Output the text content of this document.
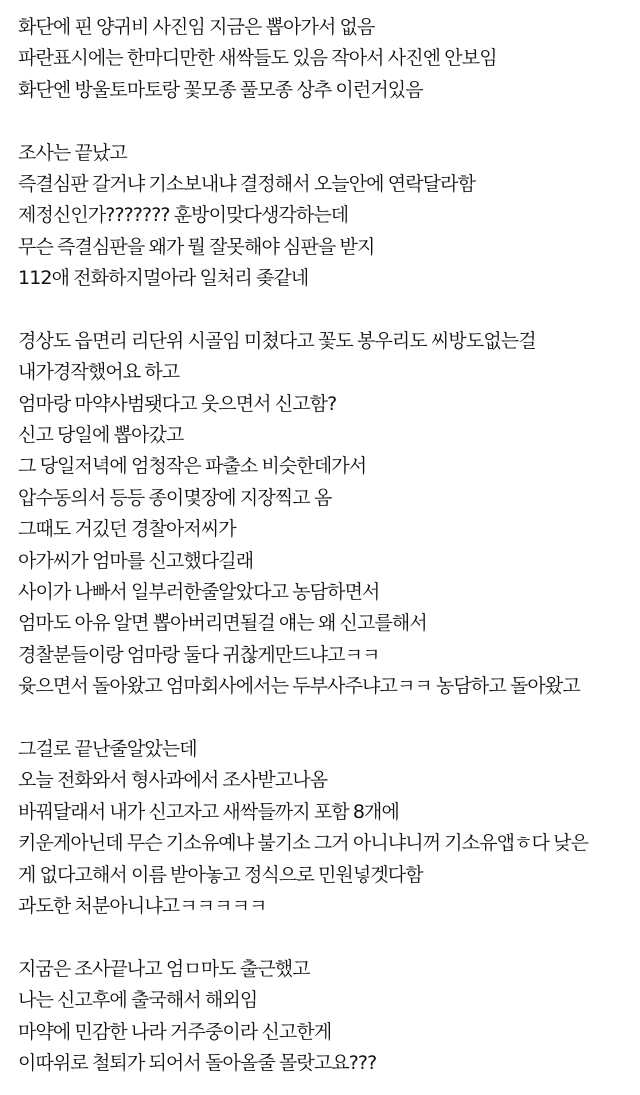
화단에 핀 양귀비 사진임 지금은 뽑아가서 없음
파란표시에는 한마디만한 새싹들도 있음 작아서 사진엔 안보임
화단엔 방울토마토랑 꽃모종 풀모종 상추 이런거있음
조사는 끝났고
즉결심판 갈거냐 기소보내냐 결정해서 오늘안에 연락달라함
제정신인가??????? 훈방이맞다생각하는데
무슨 즉결심판을 왜가 뭘 잘못해야 심판을 받지
112애 전화하지멀아라 일처리 좆같네
경상도 읍면리 리단위 시골임 미쳤다고 꽃도 봉우리도 씨방도없는걸
내가경작했어요 하고
엄마랑 마약사범됏다고 웃으면서 신고함?
신고 당일에 뽑아갔고
그 당일저녁에 엄청작은 파출소 비슷한데가서
압수동의서 등등 종이몇장에 지장찍고 옴
그때도 거깄던 경찰아저씨가
아가씨가 엄마를 신고했다길래
사이가 나빠서 일부러한줄알았다고 농담하면서
엄마도 아유 알면 뽑아버리면될걸 얘는 왜 신고를해서
경찰분들이랑 엄마랑 둘다 귀찮게만드냐고ㅋㅋ
윳으면서 돌아왔고 엄마회사에서는 두부사주냐고ㅋㅋ 농담하고 돌아왔고
그걸로 끝난줄알았는데
오늘 전화와서 형사과에서 조사받고나옴
바꿔달래서 내가 신고자고 새싹들까지 포함 8개에
키운게아닌데 무슨 기소유예냐 불기소 그거 아니냐니꺼 기소유앱ㅎ다 낮은
게 없다고해서 이름 받아놓고 정식으로 민원넣겟다함
과도한 처분아니냐고ㅋㅋㅋㅋㅋ
지굼은 조사끝나고 엄ㅁ마도 출근했고
나는 신고후에 출국해서 해외임
마약에 민감한 나라 거주중이라 신고한게
이따위로 철퇴가 되어서 돌아올줄 몰랏고요???
